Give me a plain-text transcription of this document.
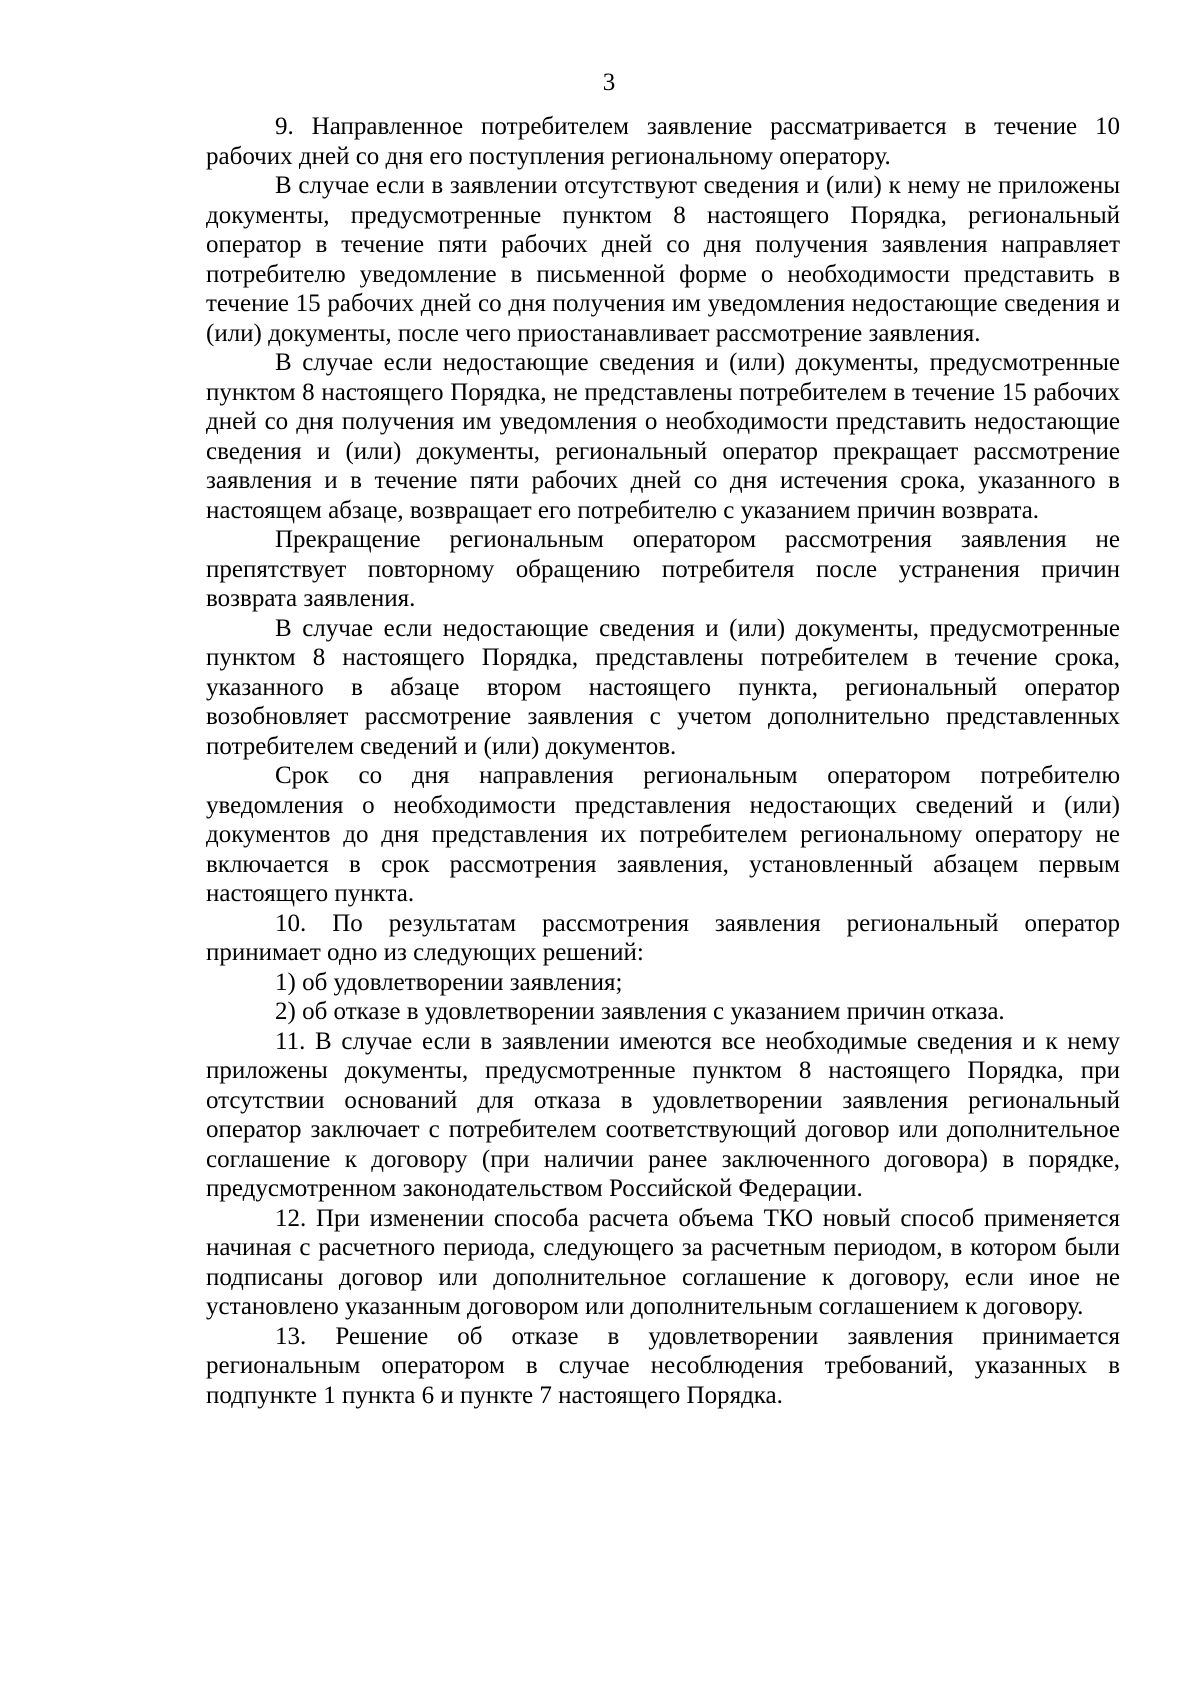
3

9. Направленное потребителем заявление рассматривается в течение 10 рабочих дней со дня его поступления региональному оператору.

В случае если в заявлении отсутствуют сведения и (или) к нему не приложены документы, предусмотренные пунктом 8 настоящего Порядка, региональный оператор в течение пяти рабочих дней со дня получения заявления направляет потребителю уведомление в письменной форме о необходимости представить в течение 15 рабочих дней со дня получения им уведомления недостающие сведения и (или) документы, после чего приостанавливает рассмотрение заявления.

В случае если недостающие сведения и (или) документы, предусмотренные пунктом 8 настоящего Порядка, не представлены потребителем в течение 15 рабочих дней со дня получения им уведомления о необходимости представить недостающие сведения и (или) документы, региональный оператор прекращает рассмотрение заявления и в течение пяти рабочих дней со дня истечения срока, указанного в настоящем абзаце, возвращает его потребителю с указанием причин возврата.

Прекращение региональным оператором рассмотрения заявления не препятствует повторному обращению потребителя после устранения причин возврата заявления.

В случае если недостающие сведения и (или) документы, предусмотренные пунктом 8 настоящего Порядка, представлены потребителем в течение срока, указанного в абзаце втором настоящего пункта, региональный оператор возобновляет рассмотрение заявления с учетом дополнительно представленных потребителем сведений и (или) документов.

Срок со дня направления региональным оператором потребителю уведомления о необходимости представления недостающих сведений и (или) документов до дня представления их потребителем региональному оператору не включается в срок рассмотрения заявления, установленный абзацем первым настоящего пункта.

10. По результатам рассмотрения заявления региональный оператор принимает одно из следующих решений:

1) об удовлетворении заявления;

2) об отказе в удовлетворении заявления с указанием причин отказа.

11. В случае если в заявлении имеются все необходимые сведения и к нему приложены документы, предусмотренные пунктом 8 настоящего Порядка, при отсутствии оснований для отказа в удовлетворении заявления региональный оператор заключает с потребителем соответствующий договор или дополнительное соглашение к договору (при наличии ранее заключенного договора) в порядке, предусмотренном законодательством Российской Федерации.

12. При изменении способа расчета объема ТКО новый способ применяется начиная с расчетного периода, следующего за расчетным периодом, в котором были подписаны договор или дополнительное соглашение к договору, если иное не установлено указанным договором или дополнительным соглашением к договору.

13. Решение об отказе в удовлетворении заявления принимается региональным оператором в случае несоблюдения требований, указанных в подпункте 1 пункта 6 и пункте 7 настоящего Порядка.
